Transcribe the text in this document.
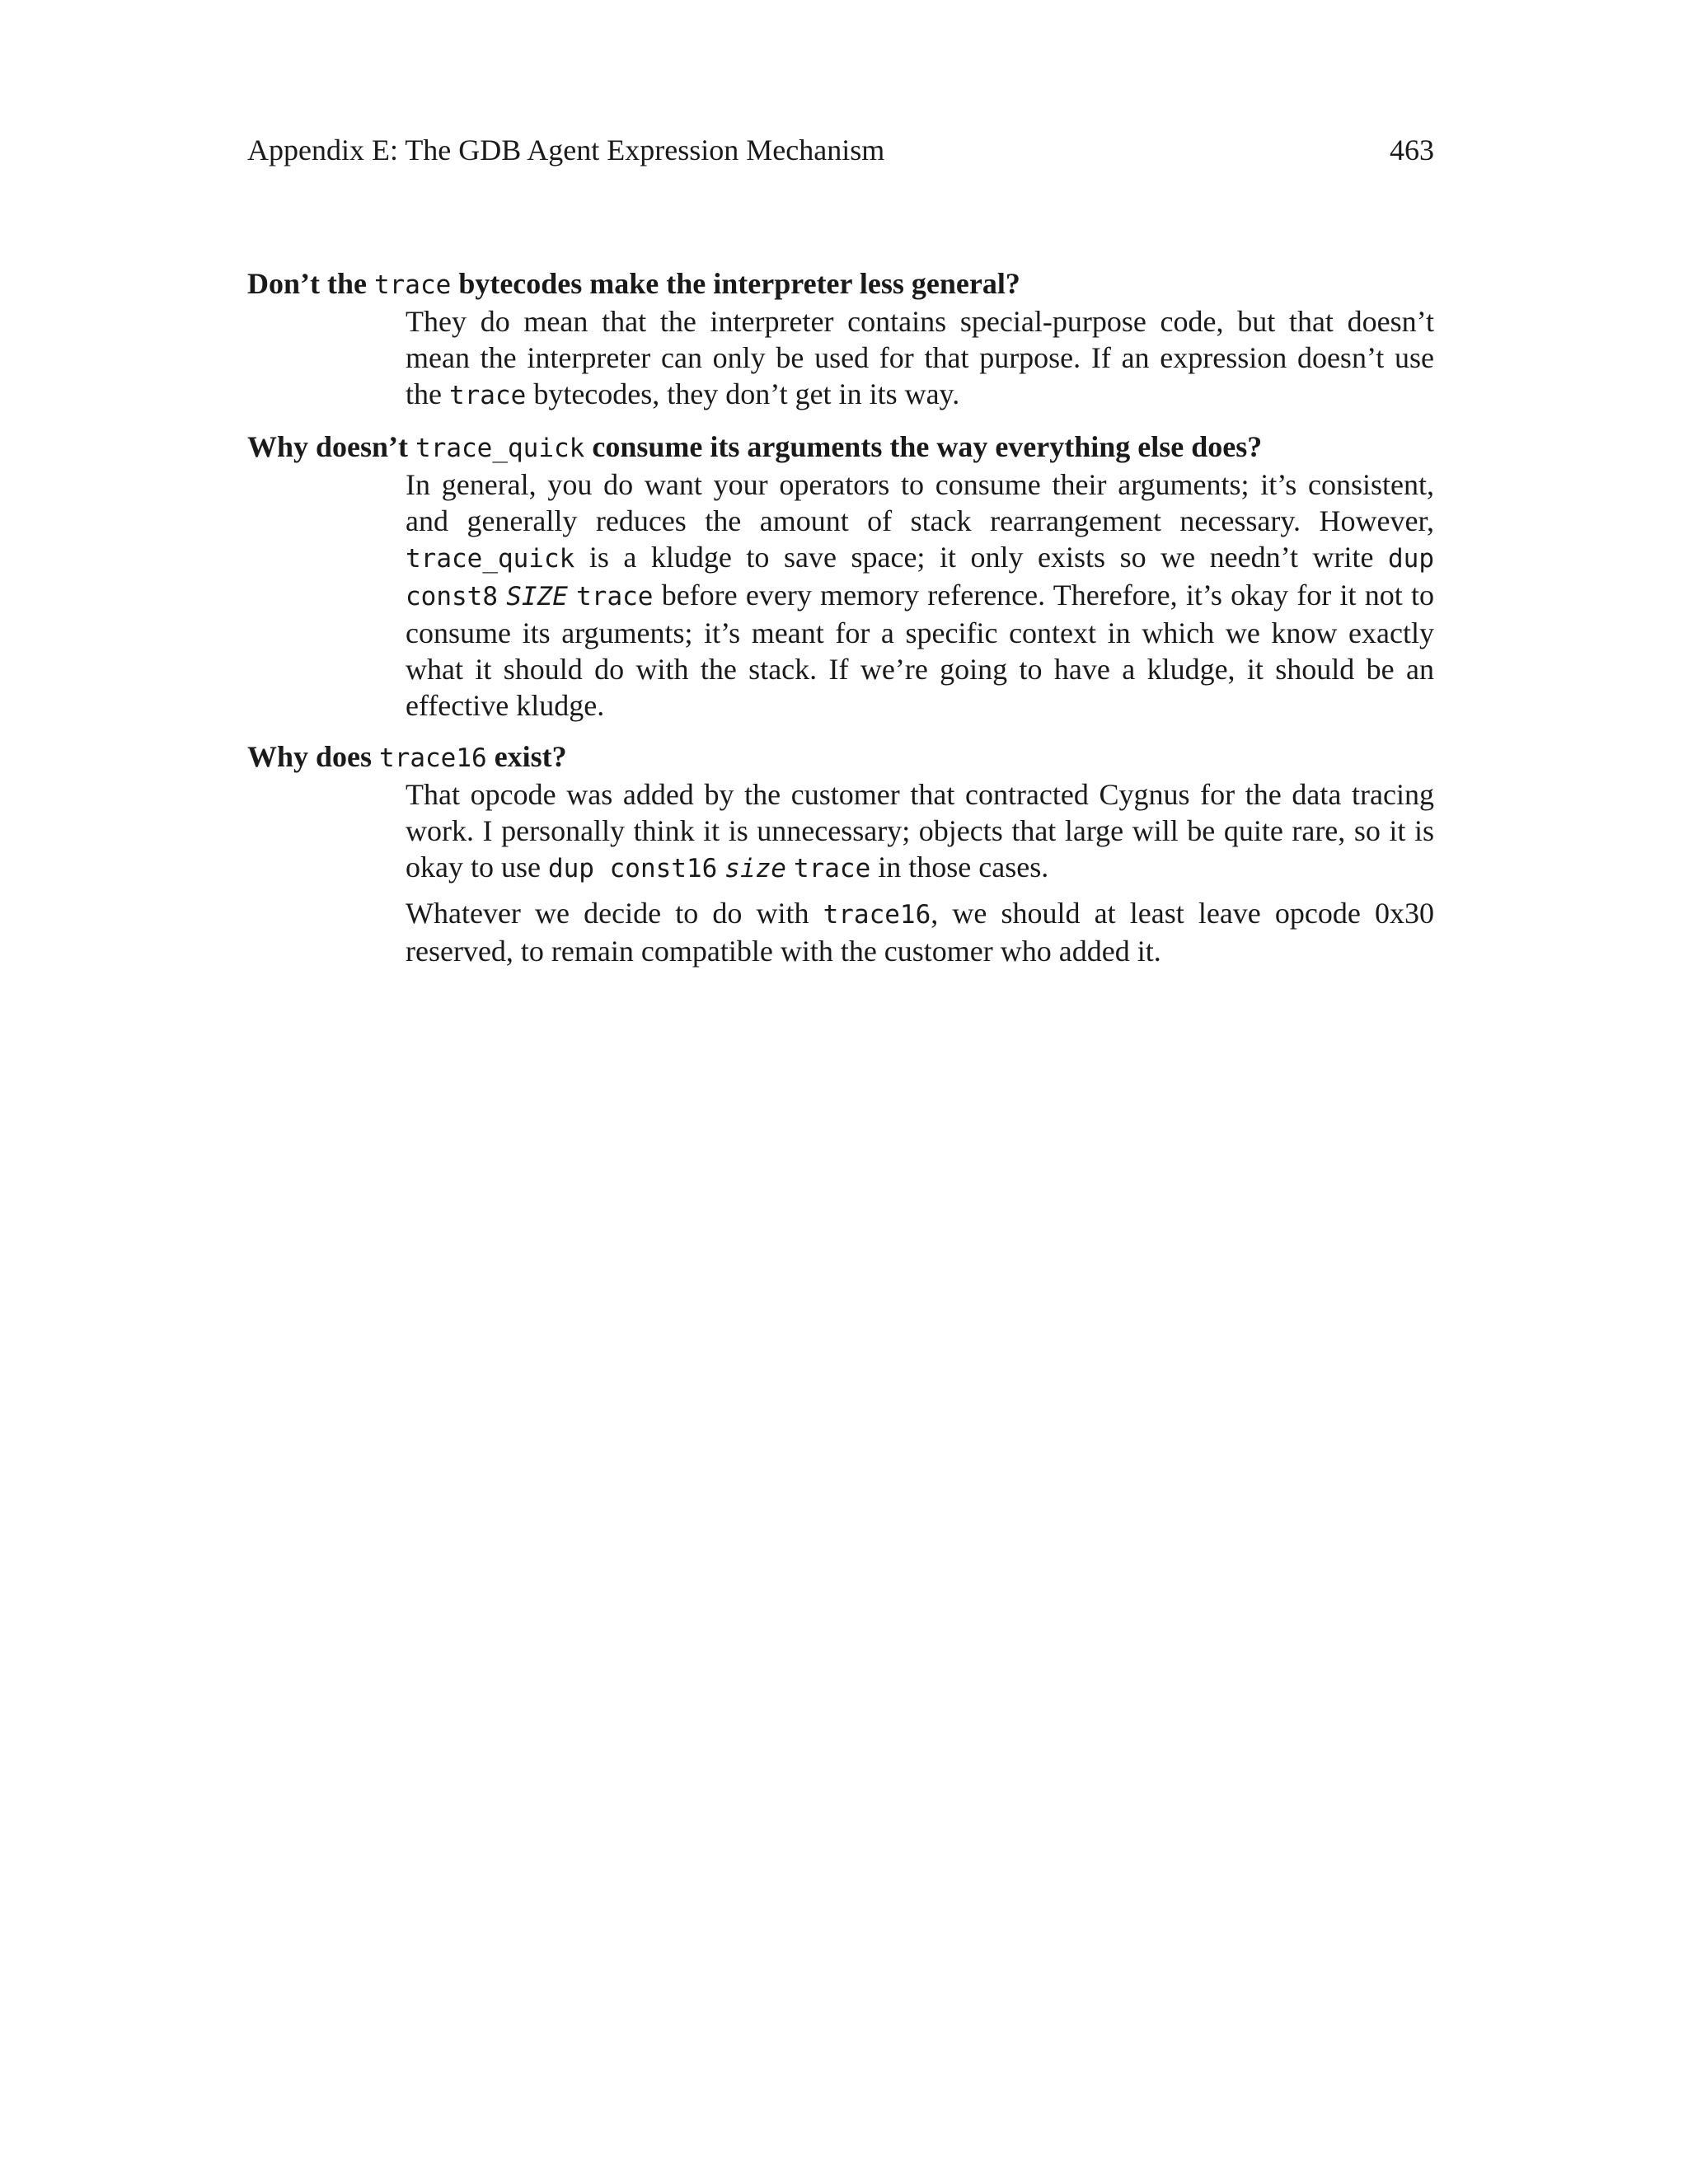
Appendix E: The GDB Agent Expression Mechanism	463
Don’t the trace bytecodes make the interpreter less general?

They do mean that the interpreter contains special-purpose code, but that doesn’t mean the interpreter can only be used for that purpose. If an expression doesn’t use the trace bytecodes, they don’t get in its way.

Why doesn’t trace_quick consume its arguments the way everything else does?

In general, you do want your operators to consume their arguments; it’s consistent, and generally reduces the amount of stack rearrangement necessary. However, trace_quick is a kludge to save space; it only exists so we needn’t write dup const8 SIZE trace before every memory reference. Therefore, it’s okay for it not to consume its arguments; it’s meant for a specific context in which we know exactly what it should do with the stack. If we’re going to have a kludge, it should be an effective kludge.

Why does trace16 exist?

That opcode was added by the customer that contracted Cygnus for the data tracing work. I personally think it is unnecessary; objects that large will be quite rare, so it is okay to use dup const16 size trace in those cases.

Whatever we decide to do with trace16, we should at least leave opcode 0x30 reserved, to remain compatible with the customer who added it.
